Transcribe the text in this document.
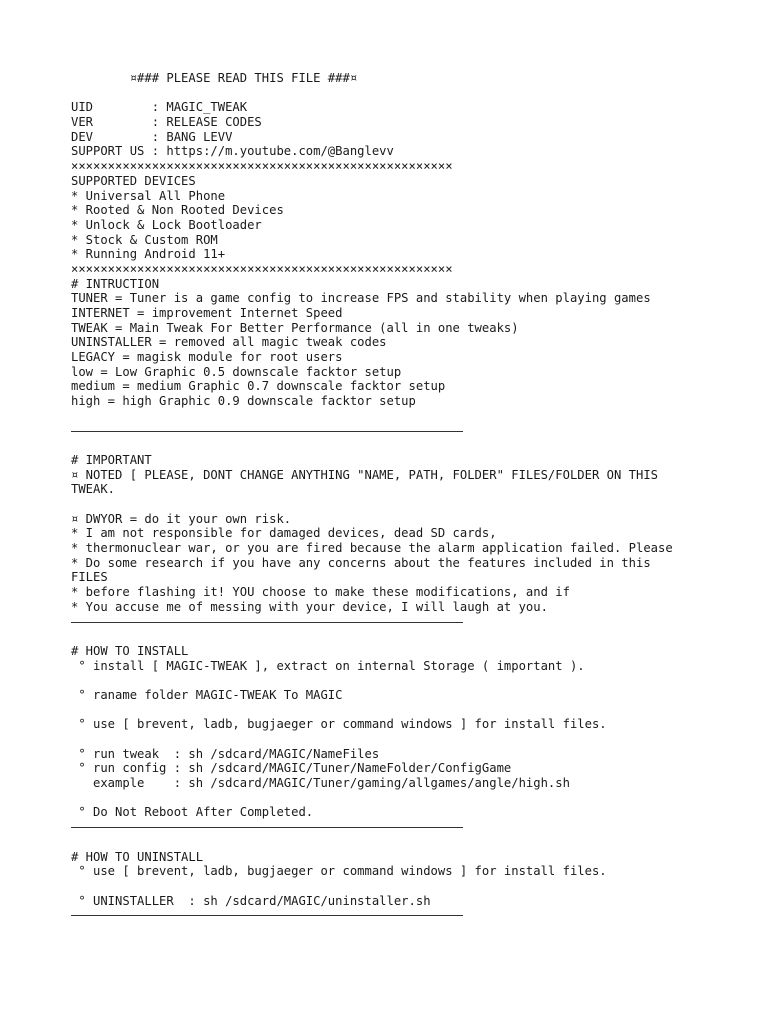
¤### PLEASE READ THIS FILE ###¤
UID        : MAGIC_TWEAK
VER        : RELEASE CODES
DEV        : BANG LEVV
SUPPORT US : https://m.youtube.com/@Banglevv
××××××××××××××××××××××××××××××××××××××××××××××××××××
SUPPORTED DEVICES
* Universal All Phone
* Rooted & Non Rooted Devices
* Unlock & Lock Bootloader
* Stock & Custom ROM
* Running Android 11+
××××××××××××××××××××××××××××××××××××××××××××××××××××
# INTRUCTION
TUNER = Tuner is a game config to increase FPS and stability when playing games
INTERNET = improvement Internet Speed
TWEAK = Main Tweak For Better Performance (all in one tweaks)
UNINSTALLER = removed all magic tweak codes
LEGACY = magisk module for root users
low = Low Graphic 0.5 downscale facktor setup
medium = medium Graphic 0.7 downscale facktor setup
high = high Graphic 0.9 downscale facktor setup
# IMPORTANT
¤ NOTED [ PLEASE, DONT CHANGE ANYTHING "NAME, PATH, FOLDER" FILES/FOLDER ON THIS TWEAK.
¤ DWYOR = do it your own risk.
* I am not responsible for damaged devices, dead SD cards,
* thermonuclear war, or you are fired because the alarm application failed. Please
* Do some research if you have any concerns about the features included in this FILES
* before flashing it! YOU choose to make these modifications, and if
* You accuse me of messing with your device, I will laugh at you.
# HOW TO INSTALL
° install [ MAGIC-TWEAK ], extract on internal Storage ( important ).
° raname folder MAGIC-TWEAK To MAGIC
° use [ brevent, ladb, bugjaeger or command windows ] for install files.
° run tweak  : sh /sdcard/MAGIC/NameFiles
° run config : sh /sdcard/MAGIC/Tuner/NameFolder/ConfigGame
example    : sh /sdcard/MAGIC/Tuner/gaming/allgames/angle/high.sh
° Do Not Reboot After Completed.
# HOW TO UNINSTALL
° use [ brevent, ladb, bugjaeger or command windows ] for install files.
° UNINSTALLER  : sh /sdcard/MAGIC/uninstaller.sh
